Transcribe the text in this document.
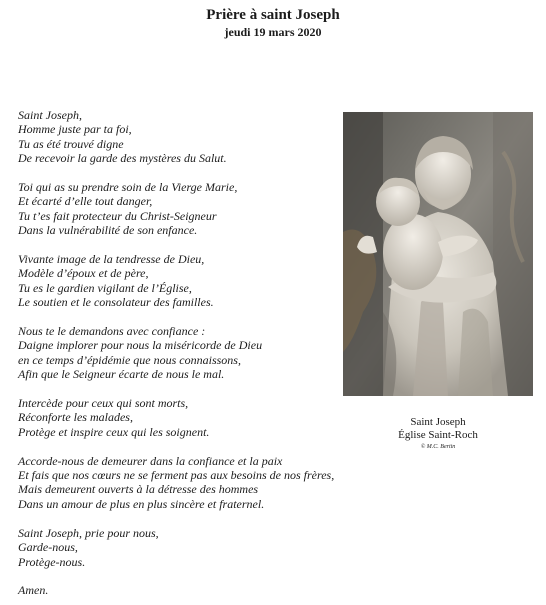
Prière à saint Joseph
jeudi 19 mars 2020
Saint Joseph,
Homme juste par ta foi,
Tu as été trouvé digne
De recevoir la garde des mystères du Salut.
Toi qui as su prendre soin de la Vierge Marie,
Et écarté d’elle tout danger,
Tu t’es fait protecteur du Christ-Seigneur
Dans la vulnérabilité de son enfance.
Vivante image de la tendresse de Dieu,
Modèle d’époux et de père,
Tu es le gardien vigilant de l’Église,
Le soutien et le consolateur des familles.
Nous te le demandons avec confiance :
Daigne implorer pour nous la miséricorde de Dieu
en ce temps d’épidémie que nous connaissons,
Afin que le Seigneur écarte de nous le mal.
Intercède pour ceux qui sont morts,
Réconforte les malades,
Protège et inspire ceux qui les soignent.
Accorde-nous de demeurer dans la confiance et la paix
Et fais que nos cœurs ne se ferment pas aux besoins de nos frères,
Mais demeurent ouverts à la détresse des hommes
Dans un amour de plus en plus sincère et fraternel.
Saint Joseph, prie pour nous,
Garde-nous,
Protège-nous.
Amen.
Saint Joseph
Église Saint-Roch
© M.C. Bertin
